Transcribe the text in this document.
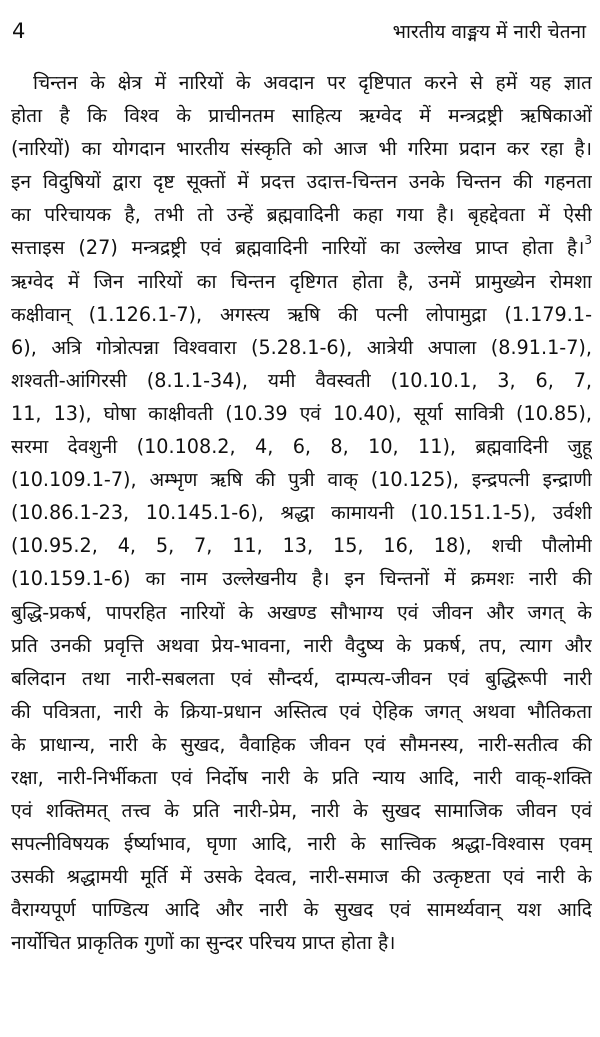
4	भारतीय वाङ्मय में नारी चेतना
चिन्तन के क्षेत्र में नारियों के अवदान पर दृष्टिपात करने से हमें यह ज्ञात
होता है कि विश्व के प्राचीनतम साहित्य ऋग्वेद में मन्त्रद्रष्ट्री ऋषिकाओं
(नारियों) का योगदान भारतीय संस्कृति को आज भी गरिमा प्रदान कर रहा है।
इन विदुषियों द्वारा दृष्ट सूक्तों में प्रदत्त उदात्त-चिन्तन उनके चिन्तन की गहनता
का परिचायक है, तभी तो उन्हें ब्रह्मवादिनी कहा गया है। बृहद्देवता में ऐसी
सत्ताइस (27) मन्त्रद्रष्ट्री एवं ब्रह्मवादिनी नारियों का उल्लेख प्राप्त होता है।$^3$
ऋग्वेद में जिन नारियों का चिन्तन दृष्टिगत होता है, उनमें प्रामुख्येन रोमशा
कक्षीवान् (1.126.1-7), अगस्त्य ऋषि की पत्नी लोपामुद्रा (1.179.1-
6), अत्रि गोत्रोत्पन्ना विश्ववारा (5.28.1-6), आत्रेयी अपाला (8.91.1-7),
शश्वती-आंगिरसी (8.1.1-34), यमी वैवस्वती (10.10.1, 3, 6, 7,
11, 13), घोषा काक्षीवती (10.39 एवं 10.40), सूर्या सावित्री (10.85),
सरमा देवशुनी (10.108.2, 4, 6, 8, 10, 11), ब्रह्मवादिनी जुहू
(10.109.1-7), अम्भृण ऋषि की पुत्री वाक् (10.125), इन्द्रपत्नी इन्द्राणी
(10.86.1-23, 10.145.1-6), श्रद्धा कामायनी (10.151.1-5), उर्वशी
(10.95.2, 4, 5, 7, 11, 13, 15, 16, 18), शची पौलोमी
(10.159.1-6) का नाम उल्लेखनीय है। इन चिन्तनों में क्रमशः नारी की
बुद्धि-प्रकर्ष, पापरहित नारियों के अखण्ड सौभाग्य एवं जीवन और जगत् के
प्रति उनकी प्रवृत्ति अथवा प्रेय-भावना, नारी वैदुष्य के प्रकर्ष, तप, त्याग और
बलिदान तथा नारी-सबलता एवं सौन्दर्य, दाम्पत्य-जीवन एवं बुद्धिरूपी नारी
की पवित्रता, नारी के क्रिया-प्रधान अस्तित्व एवं ऐहिक जगत् अथवा भौतिकता
के प्राधान्य, नारी के सुखद, वैवाहिक जीवन एवं सौमनस्य, नारी-सतीत्व की
रक्षा, नारी-निर्भीकता एवं निर्दोष नारी के प्रति न्याय आदि, नारी वाक्-शक्ति
एवं शक्तिमत् तत्त्व के प्रति नारी-प्रेम, नारी के सुखद सामाजिक जीवन एवं
सपत्नीविषयक ईर्ष्याभाव, घृणा आदि, नारी के सात्त्विक श्रद्धा-विश्वास एवम्
उसकी श्रद्धामयी मूर्ति में उसके देवत्व, नारी-समाज की उत्कृष्टता एवं नारी के
वैराग्यपूर्ण पाण्डित्य आदि और नारी के सुखद एवं सामर्थ्यवान् यश आदि
नार्योचित प्राकृतिक गुणों का सुन्दर परिचय प्राप्त होता है।
